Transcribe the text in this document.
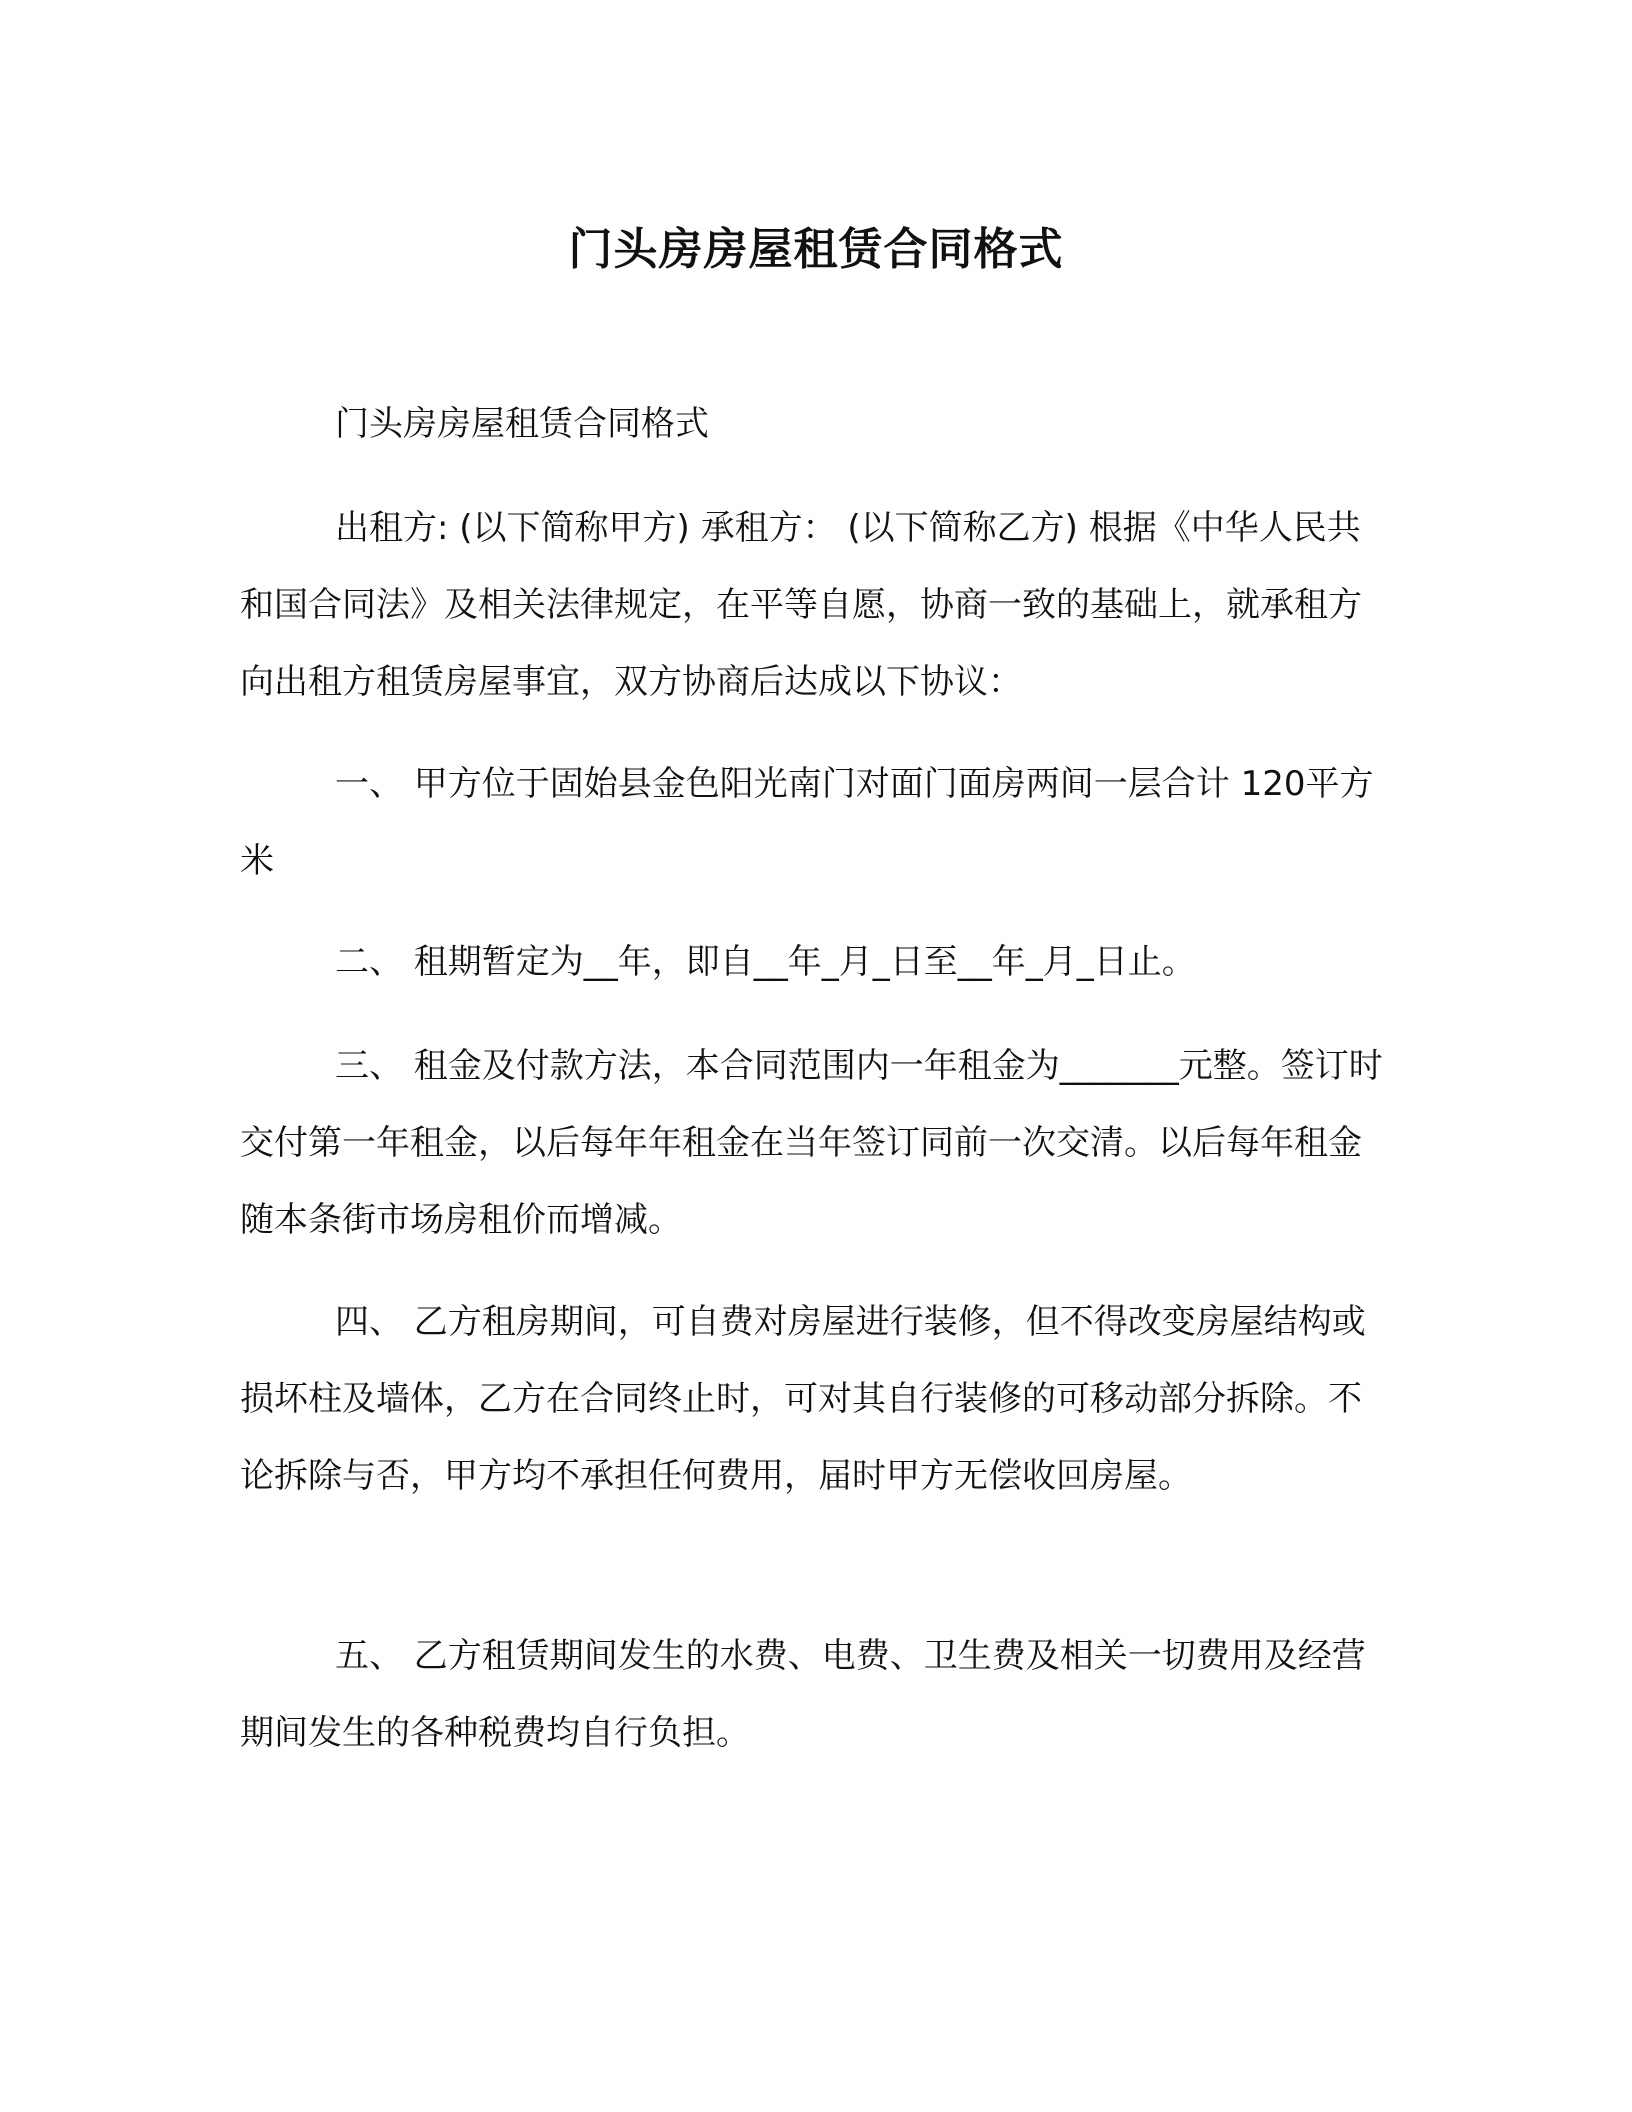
门头房房屋租赁合同格式

门头房房屋租赁合同格式

出租方: (以下简称甲方) 承租方： (以下简称乙方) 根据《中华人民共和国合同法》及相关法律规定，在平等自愿，协商一致的基础上，就承租方向出租方租赁房屋事宜，双方协商后达成以下协议：

一、 甲方位于固始县金色阳光南门对面门面房两间一层合计 120平方米

二、 租期暂定为__年，即自__年_月_日至__年_月_日止。

三、 租金及付款方法，本合同范围内一年租金为_______元整。签订时交付第一年租金，以后每年年租金在当年签订同前一次交清。以后每年租金随本条街市场房租价而增减。

四、 乙方租房期间，可自费对房屋进行装修，但不得改变房屋结构或损坏柱及墙体，乙方在合同终止时，可对其自行装修的可移动部分拆除。不论拆除与否，甲方均不承担任何费用，届时甲方无偿收回房屋。

五、 乙方租赁期间发生的水费、电费、卫生费及相关一切费用及经营期间发生的各种税费均自行负担。
